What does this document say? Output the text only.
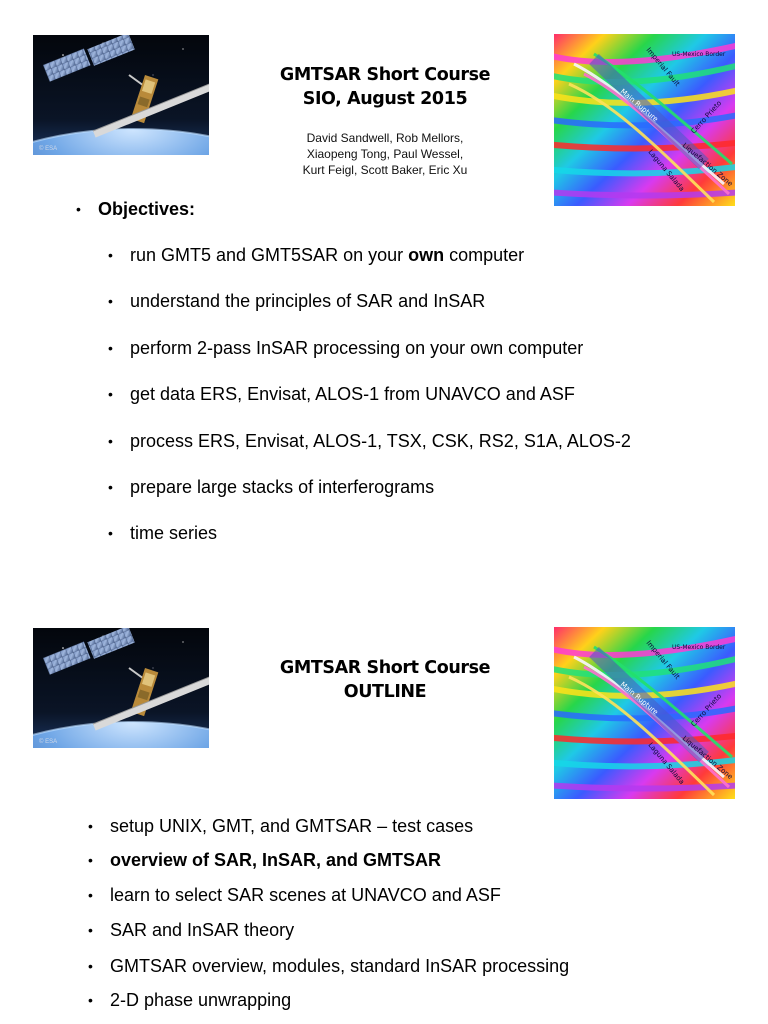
© ESA
GMTSAR Short Course
SIO, August 2015
David Sandwell, Rob Mellors,
Xiaopeng Tong, Paul Wessel,
Kurt Feigl, Scott Baker, Eric Xu
US-Mexico Border
Imperial Fault
Main Rupture	Cerro Prieto
Liquefaction Zone
Laguna Salada
• Objectives:
• run GMT5 and GMT5SAR on your own computer
• understand the principles of SAR and InSAR
• perform 2-pass InSAR processing on your own computer
• get data ERS, Envisat, ALOS-1 from UNAVCO and ASF
• process ERS, Envisat, ALOS-1, TSX, CSK, RS2, S1A, ALOS-2
• prepare large stacks of interferograms
• time series
© ESA
GMTSAR Short Course
OUTLINE
US-Mexico Border
Imperial Fault
Main Rupture	Cerro Prieto
Liquefaction Zone
Laguna Salada
• setup UNIX, GMT, and GMTSAR – test cases
• overview of SAR, InSAR, and GMTSAR
• learn to select SAR scenes at UNAVCO and ASF
• SAR and InSAR theory
• GMTSAR overview, modules, standard InSAR processing
• 2-D phase unwrapping
